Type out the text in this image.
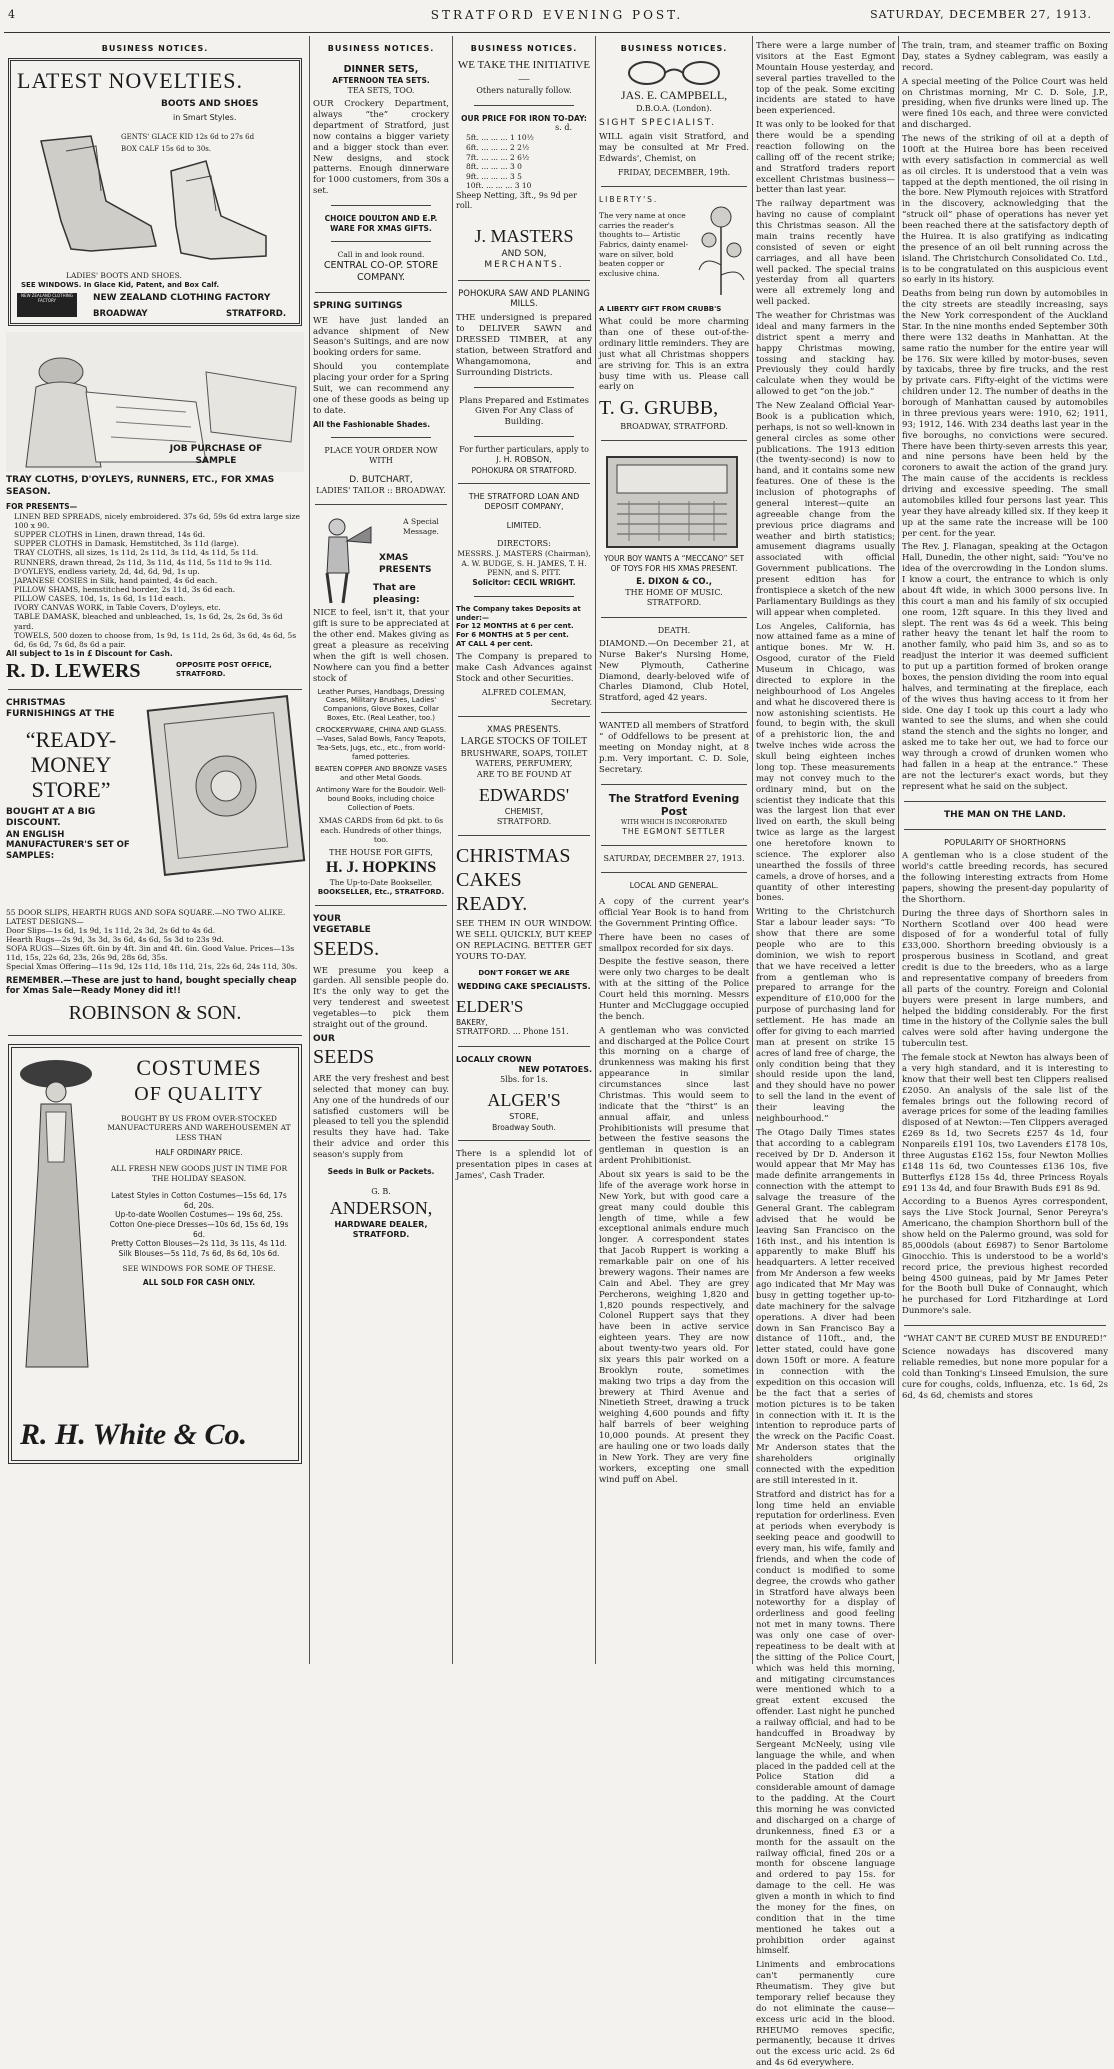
4	STRATFORD EVENING POST.	SATURDAY, DECEMBER 27, 1913.
BUSINESS NOTICES.
LATEST NOVELTIES.
BOOTS AND SHOES
in Smart Styles.
GENTS' GLACE KID 12s 6d to 27s 6d
BOX CALF 15s 6d to 30s.
LADIES' BOOTS AND SHOES.
SEE WINDOWS. In Glace Kid, Patent, and Box Calf.
NEW ZEALAND CLOTHING FACTORY	NEW ZEALAND CLOTHING FACTORY
BROADWAY	STRATFORD.
JOB PURCHASE OF SAMPLE
TRAY CLOTHS, D'OYLEYS, RUNNERS, ETC., FOR XMAS SEASON.
FOR PRESENTS—
LINEN BED SPREADS, nicely embroidered. 37s 6d, 59s 6d extra large size 100 x 90.
SUPPER CLOTHS in Linen, drawn thread, 14s 6d.
SUPPER CLOTHS in Damask, Hemstitched, 3s 11d (large).
TRAY CLOTHS, all sizes, 1s 11d, 2s 11d, 3s 11d, 4s 11d, 5s 11d.
RUNNERS, drawn thread, 2s 11d, 3s 11d, 4s 11d, 5s 11d to 9s 11d.
D'OYLEYS, endless variety, 2d, 4d, 6d, 9d, 1s up.
JAPANESE COSIES in Silk, hand painted, 4s 6d each.
PILLOW SHAMS, hemstitched border, 2s 11d, 3s 6d each.
PILLOW CASES, 10d, 1s, 1s 6d, 1s 11d each.
IVORY CANVAS WORK, in Table Covers, D'oyleys, etc.
TABLE DAMASK, bleached and unbleached, 1s, 1s 6d, 2s, 2s 6d, 3s 6d yard.
TOWELS, 500 dozen to choose from, 1s 9d, 1s 11d, 2s 6d, 3s 6d, 4s 6d, 5s 6d, 6s 6d, 7s 6d, 8s 6d a pair.
All subject to 1s in £ Discount for Cash.
R. D. LEWERS	OPPOSITE POST OFFICE, STRATFORD.
CHRISTMAS FURNISHINGS AT THE
“READY-MONEY STORE”
BOUGHT AT A BIG DISCOUNT.
AN ENGLISH MANUFACTURER'S SET OF SAMPLES:
55 DOOR SLIPS, HEARTH RUGS AND SOFA SQUARE.—NO TWO ALIKE. LATEST DESIGNS—
Door Slips—1s 6d, 1s 9d, 1s 11d, 2s 3d, 2s 6d to 4s 6d.
Hearth Rugs—2s 9d, 3s 3d, 3s 6d, 4s 6d, 5s 3d to 23s 9d.
SOFA RUGS—Sizes 6ft. 6in by 4ft. 3in and 4ft. 6in. Good Value. Prices—13s 11d, 15s, 22s 6d, 23s, 26s 9d, 28s 6d, 35s.
Special Xmas Offering—11s 9d, 12s 11d, 18s 11d, 21s, 22s 6d, 24s 11d, 30s.
REMEMBER.—These are just to hand, bought specially cheap for Xmas Sale—Ready Money did it!!
ROBINSON & SON.
COSTUMES
OF QUALITY
BOUGHT BY US FROM OVER-STOCKED MANUFACTURERS AND WAREHOUSEMEN AT LESS THAN
HALF ORDINARY PRICE.
ALL FRESH NEW GOODS JUST IN TIME FOR THE HOLIDAY SEASON.
Latest Styles in Cotton Costumes—15s 6d, 17s 6d, 20s.
Up-to-date Woollen Costumes— 19s 6d, 25s.
Cotton One-piece Dresses—10s 6d, 15s 6d, 19s 6d.
Pretty Cotton Blouses—2s 11d, 3s 11s, 4s 11d.
Silk Blouses—5s 11d, 7s 6d, 8s 6d, 10s 6d.
SEE WINDOWS FOR SOME OF THESE.
ALL SOLD FOR CASH ONLY.
R. H. White & Co.
BUSINESS NOTICES.
DINNER SETS,
AFTERNOON TEA SETS.
TEA SETS, TOO.

OUR Crockery Department, always “the” crockery department of Stratford, just now contains a bigger variety and a bigger stock than ever. New designs, and stock patterns. Enough dinnerware for 1000 customers, from 30s a set.

CHOICE DOULTON AND E.P. WARE FOR XMAS GIFTS.
Call in and look round.
CENTRAL CO-OP. STORE COMPANY.
SPRING SUITINGS

WE have just landed an advance shipment of New Season's Suitings, and are now booking orders for same.

Should you contemplate placing your order for a Spring Suit, we can recommend any one of these goods as being up to date.

All the Fashionable Shades.
PLACE YOUR ORDER NOW WITH
D. BUTCHART,
LADIES' TAILOR :: BROADWAY.
A Special Message.
XMAS PRESENTS
That are pleasing:

NICE to feel, isn't it, that your gift is sure to be appreciated at the other end. Makes giving as great a pleasure as receiving when the gift is well chosen. Nowhere can you find a better stock of

Leather Purses, Handbags, Dressing Cases, Military Brushes, Ladies' Companions, Glove Boxes, Collar Boxes, Etc. (Real Leather, too.)

CROCKERYWARE, CHINA AND GLASS.—Vases, Salad Bowls, Fancy Teapots, Tea-Sets, Jugs, etc., etc., from world-famed potteries.

BEATEN COPPER AND BRONZE VASES and other Metal Goods.

Antimony Ware for the Boudoir. Well-bound Books, including choice Collection of Poets.

XMAS CARDS from 6d pkt. to 6s each. Hundreds of other things, too.

THE HOUSE FOR GIFTS,
H. J. HOPKINS
The Up-to-Date Bookseller,
BOOKSELLER, Etc., STRATFORD.
YOUR
VEGETABLE
SEEDS.

WE presume you keep a garden. All sensible people do. It's the only way to get the very tenderest and sweetest vegetables—to pick them straight out of the ground.

OUR
SEEDS

ARE the very freshest and best selected that money can buy. Any one of the hundreds of our satisfied customers will be pleased to tell you the splendid results they have had. Take their advice and order this season's supply from

Seeds in Bulk or Packets.
G. B.
ANDERSON,
HARDWARE DEALER,
STRATFORD.
BUSINESS NOTICES.
WE TAKE THE INITIATIVE—
Others naturally follow.
OUR PRICE FOR IRON TO-DAY:
s. d.
5ft. ... ... ... 1 10½
6ft. ... ... ... 2 2½
7ft. ... ... ... 2 6½
8ft. ... ... ... 3 0
9ft. ... ... ... 3 5
10ft. ... ... ... 3 10
Sheep Netting, 3ft., 9s 9d per roll.
J. MASTERS
AND SON,
MERCHANTS.
POHOKURA SAW AND PLANING MILLS.

THE undersigned is prepared to DELIVER SAWN and DRESSED TIMBER, at any station, between Stratford and Whangamomona, and Surrounding Districts.

Plans Prepared and Estimates Given For Any Class of Building.

For further particulars, apply to
J. H. ROBSON,
POHOKURA OR STRATFORD.
THE STRATFORD LOAN AND DEPOSIT COMPANY,
LIMITED.
DIRECTORS:
MESSRS. J. MASTERS (Chairman), A. W. BUDGE, S. H. JAMES, T. H. PENN, and S. PITT.
Solicitor: CECIL WRIGHT.
The Company takes Deposits at under:—
For 12 MONTHS at 6 per cent.
For 6 MONTHS at 5 per cent.
AT CALL 4 per cent.

The Company is prepared to make Cash Advances against Stock and other Securities.

ALFRED COLEMAN,
Secretary.
XMAS PRESENTS.
LARGE STOCKS OF TOILET
BRUSHWARE, SOAPS, TOILET WATERS, PERFUMERY,
ARE TO BE FOUND AT
EDWARDS'
CHEMIST,
STRATFORD.
CHRISTMAS
CAKES
READY.

SEE THEM IN OUR WINDOW. WE SELL QUICKLY, BUT KEEP ON REPLACING. BETTER GET YOURS TO-DAY.

DON'T FORGET WE ARE
WEDDING CAKE SPECIALISTS.
ELDER'S
BAKERY,
STRATFORD. ... Phone 151.
LOCALLY CROWN
NEW POTATOES.
5lbs. for 1s.
ALGER'S
STORE,
Broadway South.

There is a splendid lot of presentation pipes in cases at James', Cash Trader.

BUSINESS NOTICES.
JAS. E. CAMPBELL,
D.B.O.A. (London).
SIGHT SPECIALIST.

WILL again visit Stratford, and may be consulted at Mr Fred. Edwards', Chemist, on

FRIDAY, DECEMBER, 19th.
LIBERTY'S.
The very name at once carries the reader's thoughts to— Artistic Fabrics, dainty enamel-ware on silver, bold beaten copper or exclusive china.
A LIBERTY GIFT FROM CRUBB'S

What could be more charming than one of these out-of-the-ordinary little reminders. They are just what all Christmas shoppers are striving for. This is an extra busy time with us. Please call early on

T. G. GRUBB,
BROADWAY, STRATFORD.
YOUR BOY WANTS A “MECCANO” SET OF TOYS FOR HIS XMAS PRESENT.
E. DIXON & CO.,
THE HOME OF MUSIC.
STRATFORD.
DEATH.

DIAMOND.—On December 21, at Nurse Baker's Nursing Home, New Plymouth, Catherine Diamond, dearly-beloved wife of Charles Diamond, Club Hotel, Stratford, aged 42 years.

WANTED all members of Stratford “ of Oddfellows to be present at meeting on Monday night, at 8 p.m. Very important. C. D. Sole, Secretary.

The Stratford Evening Post
WITH WHICH IS INCORPORATED
THE EGMONT SETTLER
SATURDAY, DECEMBER 27, 1913.
LOCAL AND GENERAL.

A copy of the current year's official Year Book is to hand from the Government Printing Office.

There have been no cases of smallpox recorded for six days.

Despite the festive season, there were only two charges to be dealt with at the sitting of the Police Court held this morning. Messrs Hunter and McCluggage occupied the bench.

A gentleman who was convicted and discharged at the Police Court this morning on a charge of drunkenness was making his first appearance in similar circumstances since last Christmas. This would seem to indicate that the “thirst” is an annual affair, and unless Prohibitionists will presume that between the festive seasons the gentleman in question is an ardent Prohibitionist.

About six years is said to be the life of the average work horse in New York, but with good care a great many could double this length of time, while a few exceptional animals endure much longer. A correspondent states that Jacob Ruppert is working a remarkable pair on one of his brewery wagons. Their names are Cain and Abel. They are grey Percherons, weighing 1,820 and 1,820 pounds respectively, and Colonel Ruppert says that they have been in active service eighteen years. They are now about twenty-two years old. For six years this pair worked on a Brooklyn route, sometimes making two trips a day from the brewery at Third Avenue and Ninetieth Street, drawing a truck weighing 4,600 pounds and fifty half barrels of beer weighing 10,000 pounds. At present they are hauling one or two loads daily in New York. They are very fine workers, excepting one small wind puff on Abel.

There were a large number of visitors at the East Egmont Mountain House yesterday, and several parties travelled to the top of the peak. Some exciting incidents are stated to have been experienced.

It was only to be looked for that there would be a spending reaction following on the calling off of the recent strike; and Stratford traders report excellent Christmas business—better than last year.

The railway department was having no cause of complaint this Christmas season. All the main trains recently have consisted of seven or eight carriages, and all have been well packed. The special trains yesterday from all quarters were all extremely long and well packed.

The weather for Christmas was ideal and many farmers in the district spent a merry and happy Christmas mowing, tossing and stacking hay. Previously they could hardly calculate when they would be allowed to get “on the job.”

The New Zealand Official Year-Book is a publication which, perhaps, is not so well-known in general circles as some other publications. The 1913 edition (the twenty-second) is now to hand, and it contains some new features. One of these is the inclusion of photographs of general interest—quite an agreeable change from the previous price diagrams and weather and birth statistics; amusement diagrams usually associated with official Government publications. The present edition has for frontispiece a sketch of the new Parliamentary Buildings as they will appear when completed.

Los Angeles, California, has now attained fame as a mine of antique bones. Mr W. H. Osgood, curator of the Field Museum in Chicago, was directed to explore in the neighbourhood of Los Angeles and what he discovered there is now astonishing scientists. He found, to begin with, the skull of a prehistoric lion, the and twelve inches wide across the skull being eighteen inches long top. These measurements may not convey much to the ordinary mind, but on the scientist they indicate that this was the largest lion that ever lived on earth, the skull being twice as large as the largest one heretofore known to science. The explorer also unearthed the fossils of three camels, a drove of horses, and a quantity of other interesting bones.

Writing to the Christchurch Star a labour leader says: “To show that there are some people who are to this dominion, we wish to report that we have received a letter from a gentleman who is prepared to arrange for the expenditure of £10,000 for the purpose of purchasing land for settlement. He has made an offer for giving to each married man at present on strike 15 acres of land free of charge, the only condition being that they should reside upon the land, and they should have no power to sell the land in the event of their leaving the neighbourhood.”

The Otago Daily Times states that according to a cablegram received by Dr D. Anderson it would appear that Mr May has made definite arrangements in connection with the attempt to salvage the treasure of the General Grant. The cablegram advised that he would be leaving San Francisco on the 16th inst., and his intention is apparently to make Bluff his headquarters. A letter received from Mr Anderson a few weeks ago indicated that Mr May was busy in getting together up-to-date machinery for the salvage operations. A diver had been down in San Francisco Bay a distance of 110ft., and, the letter stated, could have gone down 150ft or more. A feature in connection with the expedition on this occasion will be the fact that a series of motion pictures is to be taken in connection with it. It is the intention to reproduce parts of the wreck on the Pacific Coast. Mr Anderson states that the shareholders originally connected with the expedition are still interested in it.

Stratford and district has for a long time held an enviable reputation for orderliness. Even at periods when everybody is seeking peace and goodwill to every man, his wife, family and friends, and when the code of conduct is modified to some degree, the crowds who gather in Stratford have always been noteworthy for a display of orderliness and good feeling not met in many towns. There was only one case of over-repeatiness to be dealt with at the sitting of the Police Court, which was held this morning, and mitigating circumstances were mentioned which to a great extent excused the offender. Last night he punched a railway official, and had to be handcuffed in Broadway by Sergeant McNeely, using vile language the while, and when placed in the padded cell at the Police Station did a considerable amount of damage to the padding. At the Court this morning he was convicted and discharged on a charge of drunkenness, fined £3 or a month for the assault on the railway official, fined 20s or a month for obscene language and ordered to pay 15s. for damage to the cell. He was given a month in which to find the money for the fines, on condition that in the time mentioned he takes out a prohibition order against himself.

Liniments and embrocations can't permanently cure Rheumatism. They give but temporary relief because they do not eliminate the cause—excess uric acid in the blood. RHEUMO removes specific, permanently, because it drives out the excess uric acid. 2s 6d and 4s 6d everywhere.

The train, tram, and steamer traffic on Boxing Day, states a Sydney cablegram, was easily a record.

A special meeting of the Police Court was held on Christmas morning, Mr C. D. Sole, J.P., presiding, when five drunks were lined up. The were fined 10s each, and three were convicted and discharged.

The news of the striking of oil at a depth of 100ft at the Huirea bore has been received with every satisfaction in commercial as well as oil circles. It is understood that a vein was tapped at the depth mentioned, the oil rising in the bore. New Plymouth rejoices with Stratford in the discovery, acknowledging that the “struck oil” phase of operations has never yet been reached there at the satisfactory depth of the Huirea. It is also gratifying as indicating the presence of an oil belt running across the island. The Christchurch Consolidated Co. Ltd., is to be congratulated on this auspicious event so early in its history.

Deaths from being run down by automobiles in the city streets are steadily increasing, says the New York correspondent of the Auckland Star. In the nine months ended September 30th there were 132 deaths in Manhattan. At the same ratio the number for the entire year will be 176. Six were killed by motor-buses, seven by taxicabs, three by fire trucks, and the rest by private cars. Fifty-eight of the victims were children under 12. The number of deaths in the borough of Manhattan caused by automobiles in three previous years were: 1910, 62; 1911, 93; 1912, 146. With 234 deaths last year in the five boroughs, no convictions were secured. There have been thirty-seven arrests this year, and nine persons have been held by the coroners to await the action of the grand jury. The main cause of the accidents is reckless driving and excessive speeding. The small automobiles killed four persons last year. This year they have already killed six. If they keep it up at the same rate the increase will be 100 per cent. for the year.

The Rev. J. Flanagan, speaking at the Octagon Hall, Dunedin, the other night, said: “You've no idea of the overcrowding in the London slums. I know a court, the entrance to which is only about 4ft wide, in which 3000 persons live. In this court a man and his family of six occupied one room, 12ft square. In this they lived and slept. The rent was 4s 6d a week. This being rather heavy the tenant let half the room to another family, who paid him 3s, and so as to readjust the interior it was deemed sufficient to put up a partition formed of broken orange boxes, the pension dividing the room into equal halves, and terminating at the fireplace, each of the wives thus having access to it from her side. One day I took up this court a lady who wanted to see the slums, and when she could stand the stench and the sights no longer, and asked me to take her out, we had to force our way through a crowd of drunken women who had fallen in a heap at the entrance.” These are not the lecturer's exact words, but they represent what he said on the subject.

THE MAN ON THE LAND.
POPULARITY OF SHORTHORNS

A gentleman who is a close student of the world's cattle breeding records, has secured the following interesting extracts from Home papers, showing the present-day popularity of the Shorthorn.

During the three days of Shorthorn sales in Northern Scotland over 400 head were disposed of for a wonderful total of fully £33,000. Shorthorn breeding obviously is a prosperous business in Scotland, and great credit is due to the breeders, who as a large and representative company of breeders from all parts of the country. Foreign and Colonial buyers were present in large numbers, and helped the bidding considerably. For the first time in the history of the Collynie sales the bull calves were sold after having undergone the tuberculin test.

The female stock at Newton has always been of a very high standard, and it is interesting to know that their well best ten Clippers realised £2050. An analysis of the sale list of the females brings out the following record of average prices for some of the leading families disposed of at Newton:—Ten Clippers averaged £269 8s 1d, two Secrets £257 4s 1d, four Nonpareils £191 10s, two Lavenders £178 10s, three Augustas £162 15s, four Newton Mollies £148 11s 6d, two Countesses £136 10s, five Butterflys £128 15s 4d, three Princess Royals £91 13s 4d, and four Brawith Buds £91 8s 9d.

According to a Buenos Ayres correspondent, says the Live Stock Journal, Senor Pereyra's Americano, the champion Shorthorn bull of the show held on the Palermo ground, was sold for 85,000dols (about £6987) to Senor Bartolome Ginocchio. This is understood to be a world's record price, the previous highest recorded being 4500 guineas, paid by Mr James Peter for the Booth bull Duke of Connaught, which he purchased for Lord Fitzhardinge at Lord Dunmore's sale.

“WHAT CAN'T BE CURED MUST BE ENDURED!”

Science nowadays has discovered many reliable remedies, but none more popular for a cold than Tonking's Linseed Emulsion, the sure cure for coughs, colds, influenza, etc. 1s 6d, 2s 6d, 4s 6d, chemists and stores
